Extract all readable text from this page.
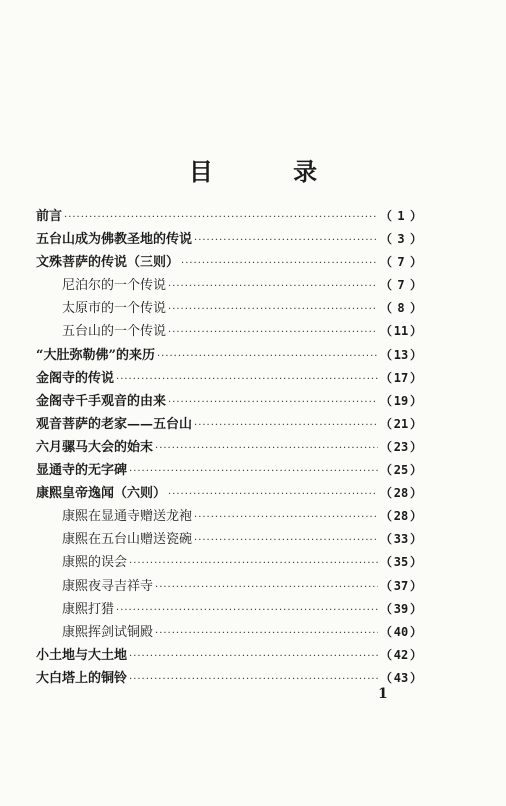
目 录
前言 ·····	（ 1 ）
五台山成为佛教圣地的传说 ·····	（ 3 ）
文殊菩萨的传说（三则） ·····	（ 7 ）
尼泊尔的一个传说 ·····	（ 7 ）
太原市的一个传说 ·····	（ 8 ）
五台山的一个传说 ·····	（ 11 ）
“大肚弥勒佛”的来历 ·····	（ 13 ）
金阁寺的传说 ·····	（ 17 ）
金阁寺千手观音的由来 ·····	（ 19 ）
观音菩萨的老家——五台山 ·····	（ 21 ）
六月骡马大会的始末 ·····	（ 23 ）
显通寺的无字碑 ·····	（ 25 ）
康熙皇帝逸闻（六则） ·····	（ 28 ）
康熙在显通寺赠送龙袍 ·····	（ 28 ）
康熙在五台山赠送瓷碗 ·····	（ 33 ）
康熙的误会 ·····	（ 35 ）
康熙夜寻吉祥寺 ·····	（ 37 ）
康熙打猎 ·····	（ 39 ）
康熙挥剑试铜殿 ·····	（ 40 ）
小土地与大土地 ·····	（ 42 ）
大白塔上的铜铃 ·····	（ 43 ）
1
